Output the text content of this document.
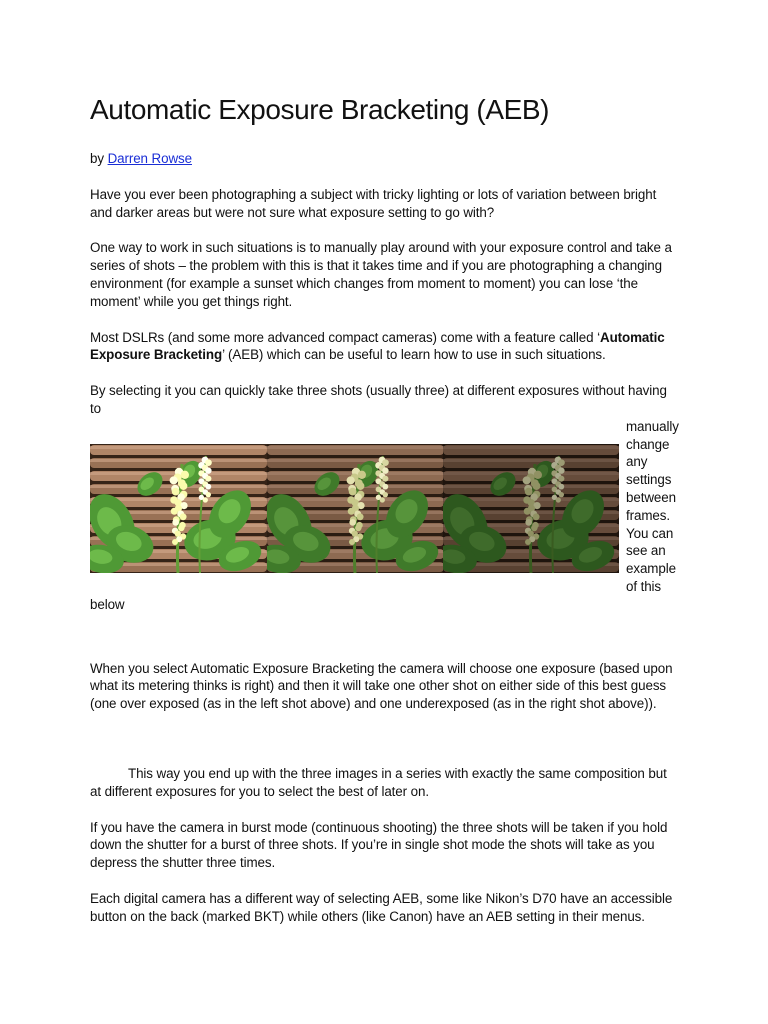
Automatic Exposure Bracketing (AEB)

by Darren Rowse

Have you ever been photographing a subject with tricky lighting or lots of variation between bright and darker areas but were not sure what exposure setting to go with?

One way to work in such situations is to manually play around with your exposure control and take a series of shots – the problem with this is that it takes time and if you are photographing a changing environment (for example a sunset which changes from moment to moment) you can lose ‘the moment’ while you get things right.

Most DSLRs (and some more advanced compact cameras) come with a feature called ‘Automatic Exposure Bracketing’ (AEB) which can be useful to learn how to use in such situations.

By selecting it you can quickly take three shots (usually three) at different exposures without having to
manually change any settings between frames. You can see an example of this
below

When you select Automatic Exposure Bracketing the camera will choose one exposure (based upon what its metering thinks is right) and then it will take one other shot on either side of this best guess (one over exposed (as in the left shot above) and one underexposed (as in the right shot above)).

This way you end up with the three images in a series with exactly the same composition but at different exposures for you to select the best of later on.

If you have the camera in burst mode (continuous shooting) the three shots will be taken if you hold down the shutter for a burst of three shots. If you’re in single shot mode the shots will take as you depress the shutter three times.

Each digital camera has a different way of selecting AEB, some like Nikon’s D70 have an accessible button on the back (marked BKT) while others (like Canon) have an AEB setting in their menus.
